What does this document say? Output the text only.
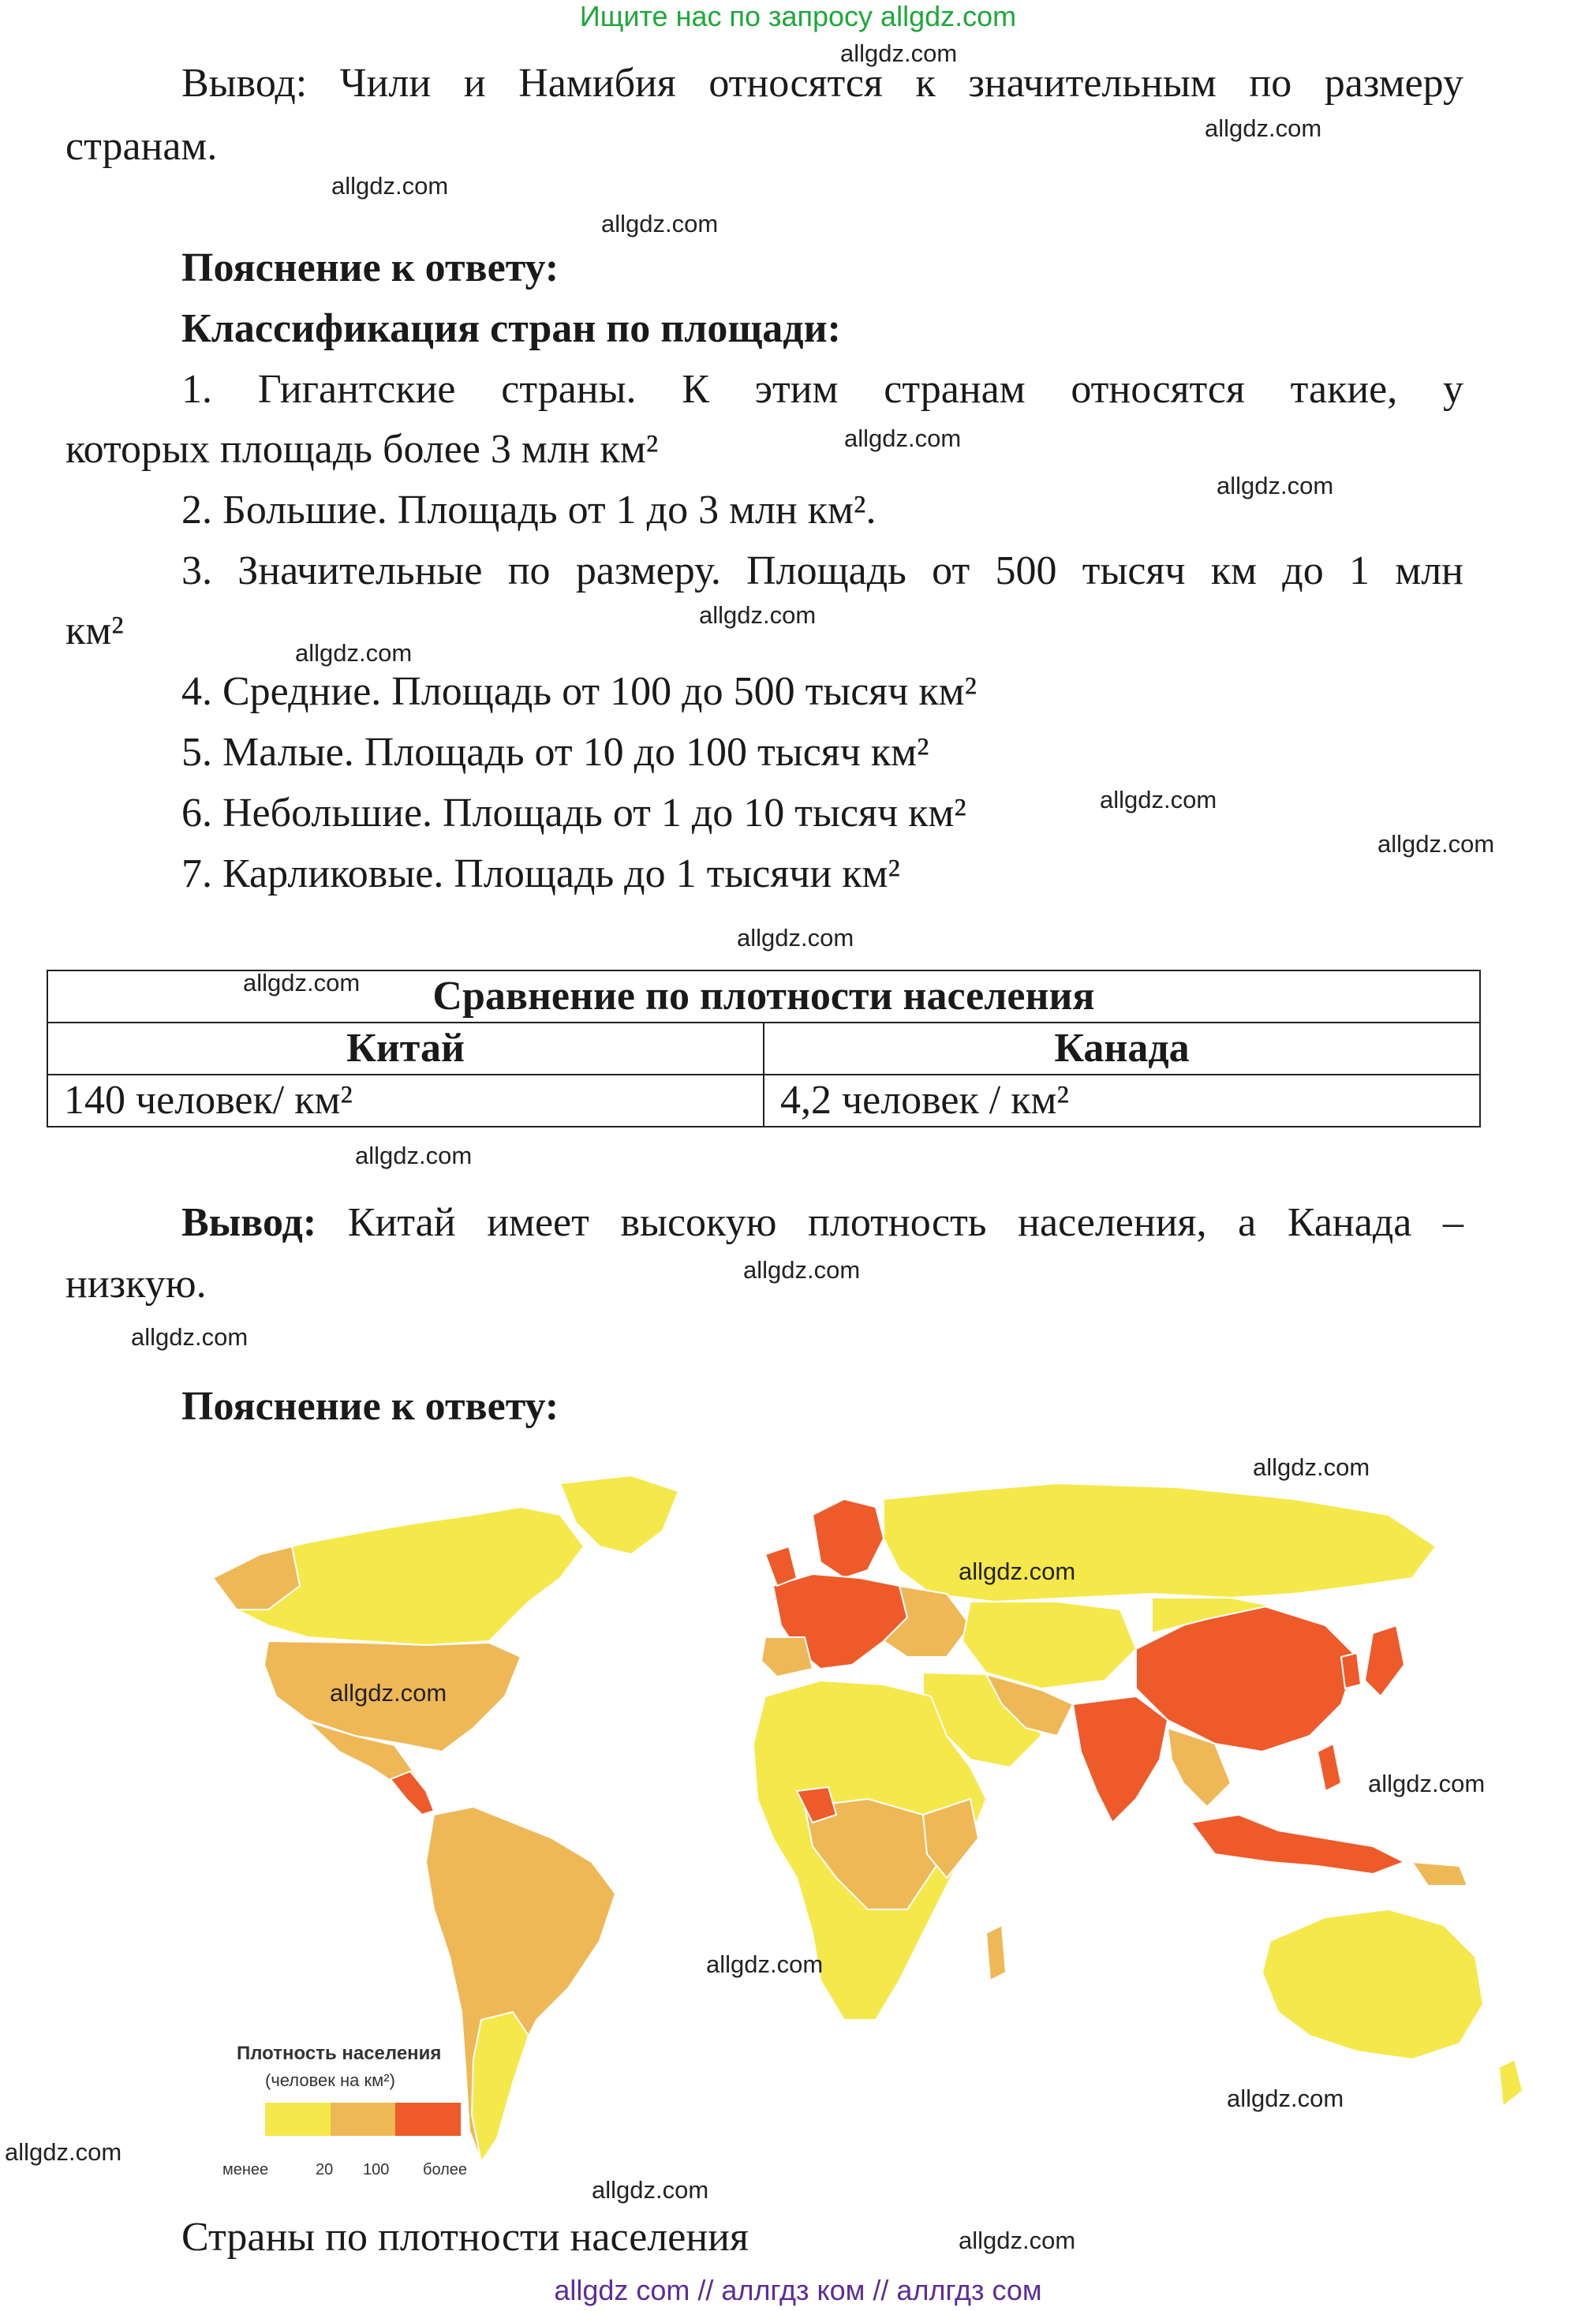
Ищите нас по запросу allgdz.com
allgdz.com
allgdz.com
allgdz.com
allgdz.com
allgdz.com
allgdz.com
allgdz.com
allgdz.com
allgdz.com
allgdz.com
allgdz.com
allgdz.com
allgdz.com
allgdz.com
allgdz.com
Вывод: Чили и Намибия относятся к значительным по размеру
странам.
Пояснение к ответу:
Классификация стран по площади:
1. Гигантские страны. К этим странам относятся такие, у
которых площадь более 3 млн км²
2. Большие. Площадь от 1 до 3 млн км².
3. Значительные по размеру. Площадь от 500 тысяч км до 1 млн
км²
4. Средние. Площадь от 100 до 500 тысяч км²
5. Малые. Площадь от 10 до 100 тысяч км²
6. Небольшие. Площадь от 1 до 10 тысяч км²
7. Карликовые. Площадь до 1 тысячи км²
Сравнение по плотности населения	
Китай	Канада
140 человек/ км²	4,2 человек / км²
Вывод: Китай имеет высокую плотность населения, а Канада –
низкую.
Пояснение к ответу:
Плотность населения
(человек на км²)
менее	20 100 более
allgdz.com
allgdz.com
allgdz.com
allgdz.com
allgdz.com
allgdz.com
allgdz.com
allgdz.com
allgdz.com
Страны по плотности населения
allgdz com // аллгдз ком // аллгдз сом
